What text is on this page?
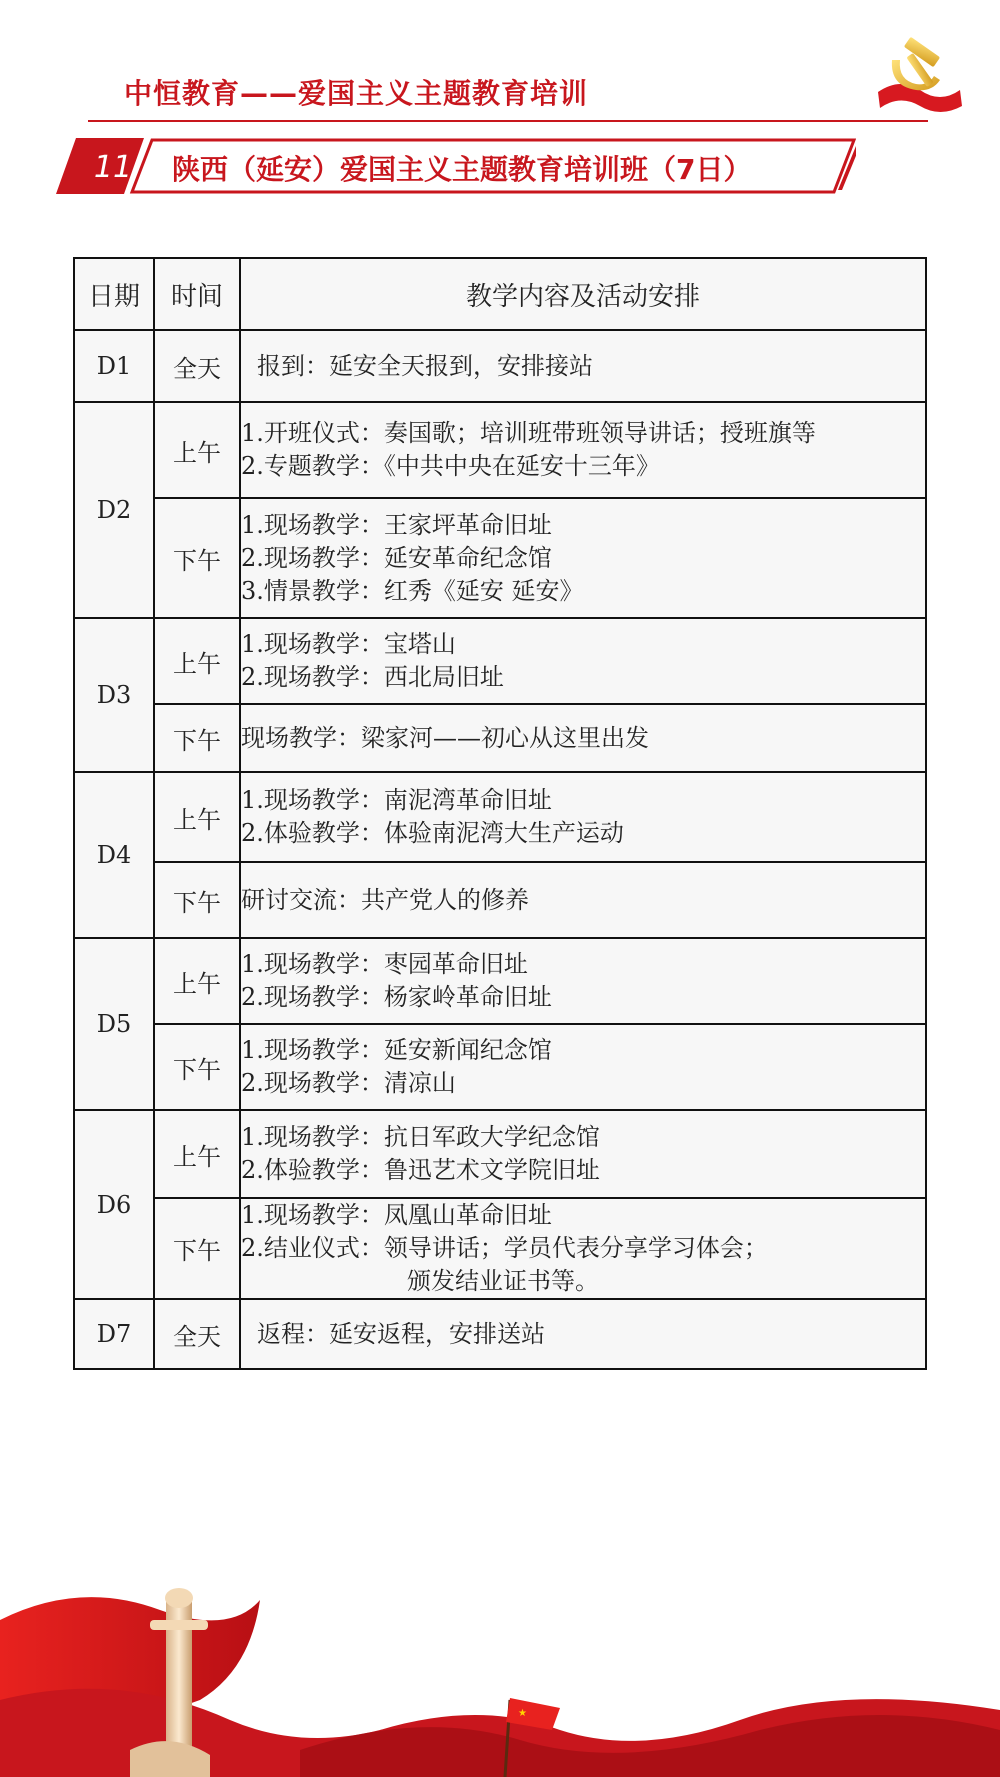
中恒教育——爱国主义主题教育培训
11 陕西（延安）爱国主义主题教育培训班（7日）
日期	时间	教学内容及活动安排
D1	全天	报到：延安全天报到，安排接站
D2	上午	1.开班仪式：奏国歌；培训班带班领导讲话；授班旗等
2.专题教学：《中共中央在延安十三年》

	下午	1.现场教学：王家坪革命旧址
2.现场教学：延安革命纪念馆
3.情景教学：红秀《延安 延安》

D3	上午	1.现场教学：宝塔山
2.现场教学：西北局旧址

	下午	现场教学：梁家河——初心从这里出发

D4	上午	1.现场教学：南泥湾革命旧址
2.体验教学：体验南泥湾大生产运动

	下午	研讨交流：共产党人的修养

D5	上午	1.现场教学：枣园革命旧址
2.现场教学：杨家岭革命旧址

	下午	1.现场教学：延安新闻纪念馆
2.现场教学：清凉山

D6	上午	1.现场教学：抗日军政大学纪念馆
2.体验教学：鲁迅艺术文学院旧址

	下午	1.现场教学：凤凰山革命旧址
2.结业仪式：领导讲话；学员代表分享学习体会；
颁发结业证书等。

D7	全天	返程：延安返程，安排送站
★
